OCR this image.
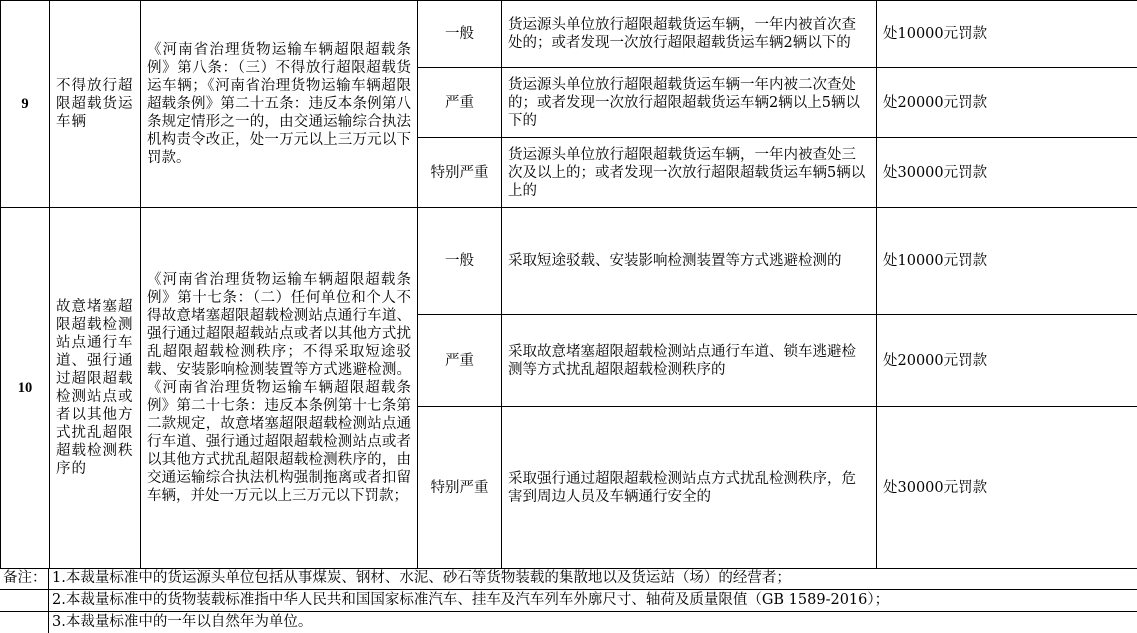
9	不得放行超限超载货运车辆	《河南省治理货物运输车辆超限超载条例》第八条：（三）不得放行超限超载货运车辆；《河南省治理货物运输车辆超限超载条例》第二十五条：违反本条例第八条规定情形之一的，由交通运输综合执法机构责令改正，处一万元以上三万元以下罚款。	一般	货运源头单位放行超限超载货运车辆，一年内被首次查处的；或者发现一次放行超限超载货运车辆2辆以下的	处10000元罚款
			严重	货运源头单位放行超限超载货运车辆一年内被二次查处的；或者发现一次放行超限超载货运车辆2辆以上5辆以下的	处20000元罚款
			特别严重	货运源头单位放行超限超载货运车辆，一年内被查处三次及以上的；或者发现一次放行超限超载货运车辆5辆以上的	处30000元罚款
10	故意堵塞超限超载检测站点通行车道、强行通过超限超载检测站点或者以其他方式扰乱超限超载检测秩序的	《河南省治理货物运输车辆超限超载条例》第十七条：（二）任何单位和个人不得故意堵塞超限超载检测站点通行车道、强行通过超限超载站点或者以其他方式扰乱超限超载检测秩序；不得采取短途驳载、安装影响检测装置等方式逃避检测。《河南省治理货物运输车辆超限超载条例》第二十七条：违反本条例第十七条第二款规定，故意堵塞超限超载检测站点通行车道、强行通过超限超载检测站点或者以其他方式扰乱超限超载检测秩序的，由交通运输综合执法机构强制拖离或者扣留车辆，并处一万元以上三万元以下罚款；	一般	采取短途驳载、安装影响检测装置等方式逃避检测的	处10000元罚款
			严重	采取故意堵塞超限超载检测站点通行车道、锁车逃避检测等方式扰乱超限超载检测秩序的	处20000元罚款
			特别严重	采取强行通过超限超载检测站点方式扰乱检测秩序，危害到周边人员及车辆通行安全的	处30000元罚款
备注： 1.本裁量标准中的货运源头单位包括从事煤炭、钢材、水泥、砂石等货物装载的集散地以及货运站（场）的经营者；
2.本裁量标准中的货物装载标准指中华人民共和国国家标准汽车、挂车及汽车列车外廓尺寸、轴荷及质量限值（GB 1589-2016）；
3.本裁量标准中的一年以自然年为单位。
